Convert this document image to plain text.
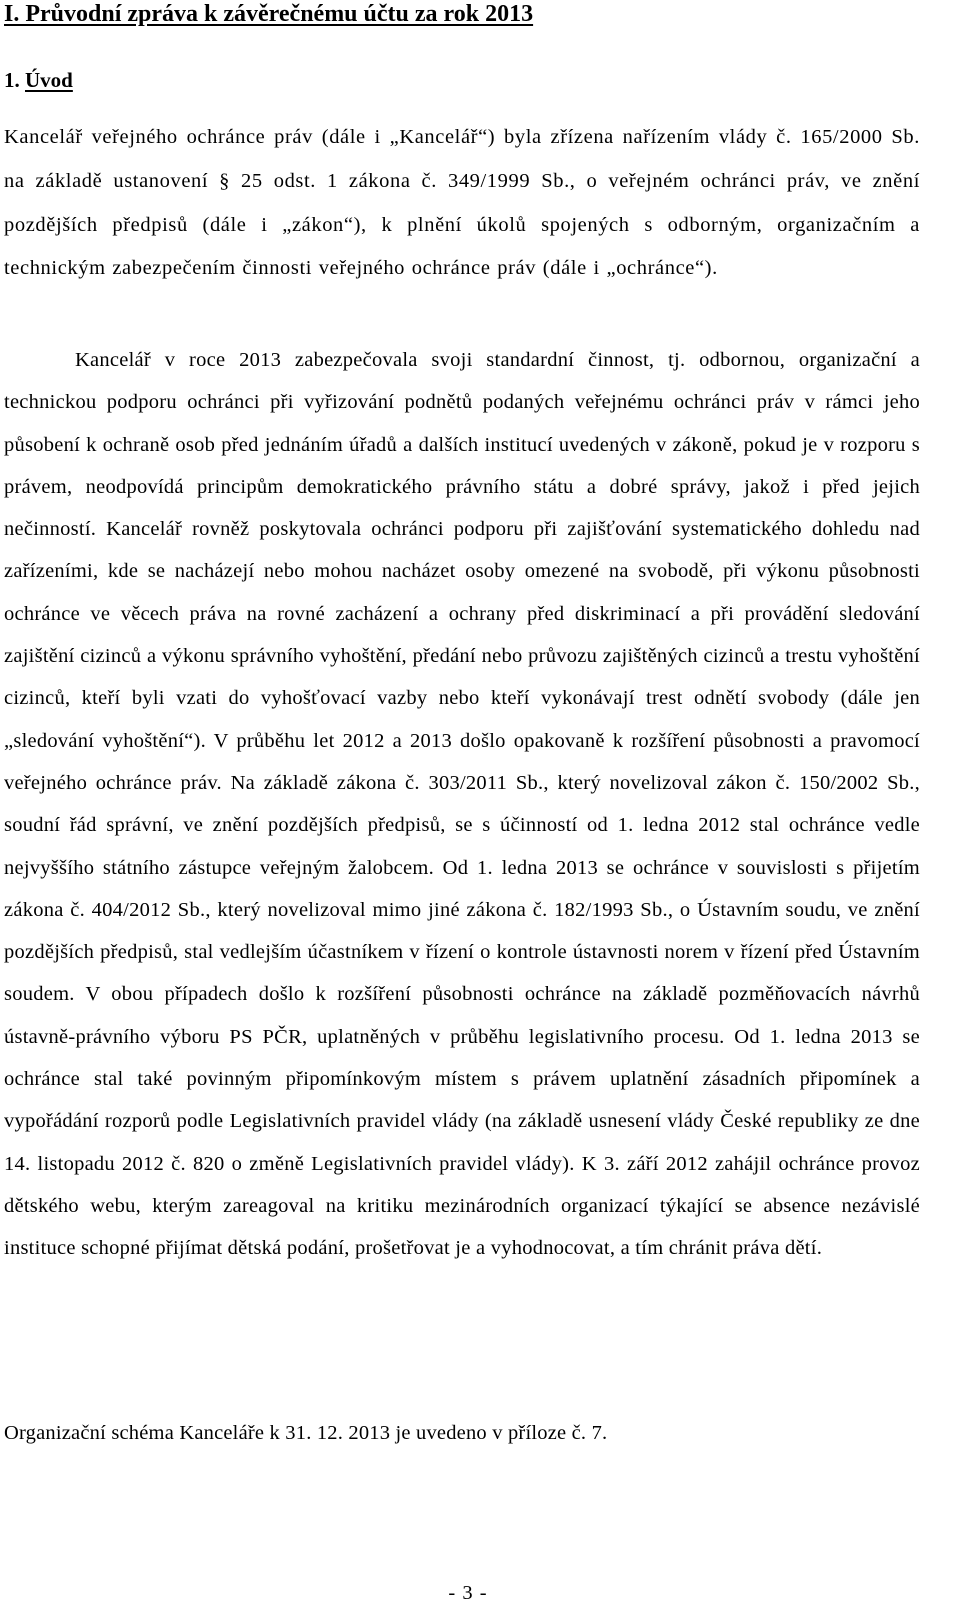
I. Průvodní zpráva k závěrečnému účtu za rok 2013
1. Úvod

Kancelář veřejného ochránce práv (dále i „Kancelář“) byla zřízena nařízením vlády č. 165/2000 Sb. na základě ustanovení § 25 odst. 1 zákona č. 349/1999 Sb., o veřejném ochránci práv, ve znění pozdějších předpisů (dále i „zákon“), k plnění úkolů spojených s odborným, organizačním a technickým zabezpečením činnosti veřejného ochránce práv (dále i „ochránce“).

Kancelář v roce 2013 zabezpečovala svoji standardní činnost, tj. odbornou, organizační a technickou podporu ochránci při vyřizování podnětů podaných veřejnému ochránci práv v rámci jeho působení k ochraně osob před jednáním úřadů a dalších institucí uvedených v zákoně, pokud je v rozporu s právem, neodpovídá principům demokratického právního státu a dobré správy, jakož i před jejich nečinností. Kancelář rovněž poskytovala ochránci podporu při zajišťování systematického dohledu nad zařízeními, kde se nacházejí nebo mohou nacházet osoby omezené na svobodě, při výkonu působnosti ochránce ve věcech práva na rovné zacházení a ochrany před diskriminací a při provádění sledování zajištění cizinců a výkonu správního vyhoštění, předání nebo průvozu zajištěných cizinců a trestu vyhoštění cizinců, kteří byli vzati do vyhošťovací vazby nebo kteří vykonávají trest odnětí svobody (dále jen „sledování vyhoštění“). V průběhu let 2012 a 2013 došlo opakovaně k rozšíření působnosti a pravomocí veřejného ochránce práv. Na základě zákona č. 303/2011 Sb., který novelizoval zákon č. 150/2002 Sb., soudní řád správní, ve znění pozdějších předpisů, se s účinností od 1. ledna 2012 stal ochránce vedle nejvyššího státního zástupce veřejným žalobcem. Od 1. ledna 2013 se ochránce v souvislosti s přijetím zákona č. 404/2012 Sb., který novelizoval mimo jiné zákona č. 182/1993 Sb., o Ústavním soudu, ve znění pozdějších předpisů, stal vedlejším účastníkem v řízení o kontrole ústavnosti norem v řízení před Ústavním soudem. V obou případech došlo k rozšíření působnosti ochránce na základě pozměňovacích návrhů ústavně-právního výboru PS PČR, uplatněných v průběhu legislativního procesu. Od 1. ledna 2013 se ochránce stal také povinným připomínkovým místem s právem uplatnění zásadních připomínek a vypořádání rozporů podle Legislativních pravidel vlády (na základě usnesení vlády České republiky ze dne 14. listopadu 2012 č. 820 o změně Legislativních pravidel vlády). K 3. září 2012 zahájil ochránce provoz dětského webu, kterým zareagoval na kritiku mezinárodních organizací týkající se absence nezávislé instituce schopné přijímat dětská podání, prošetřovat je a vyhodnocovat, a tím chránit práva dětí.

Organizační schéma Kanceláře k 31. 12. 2013 je uvedeno v příloze č. 7.

- 3 -
